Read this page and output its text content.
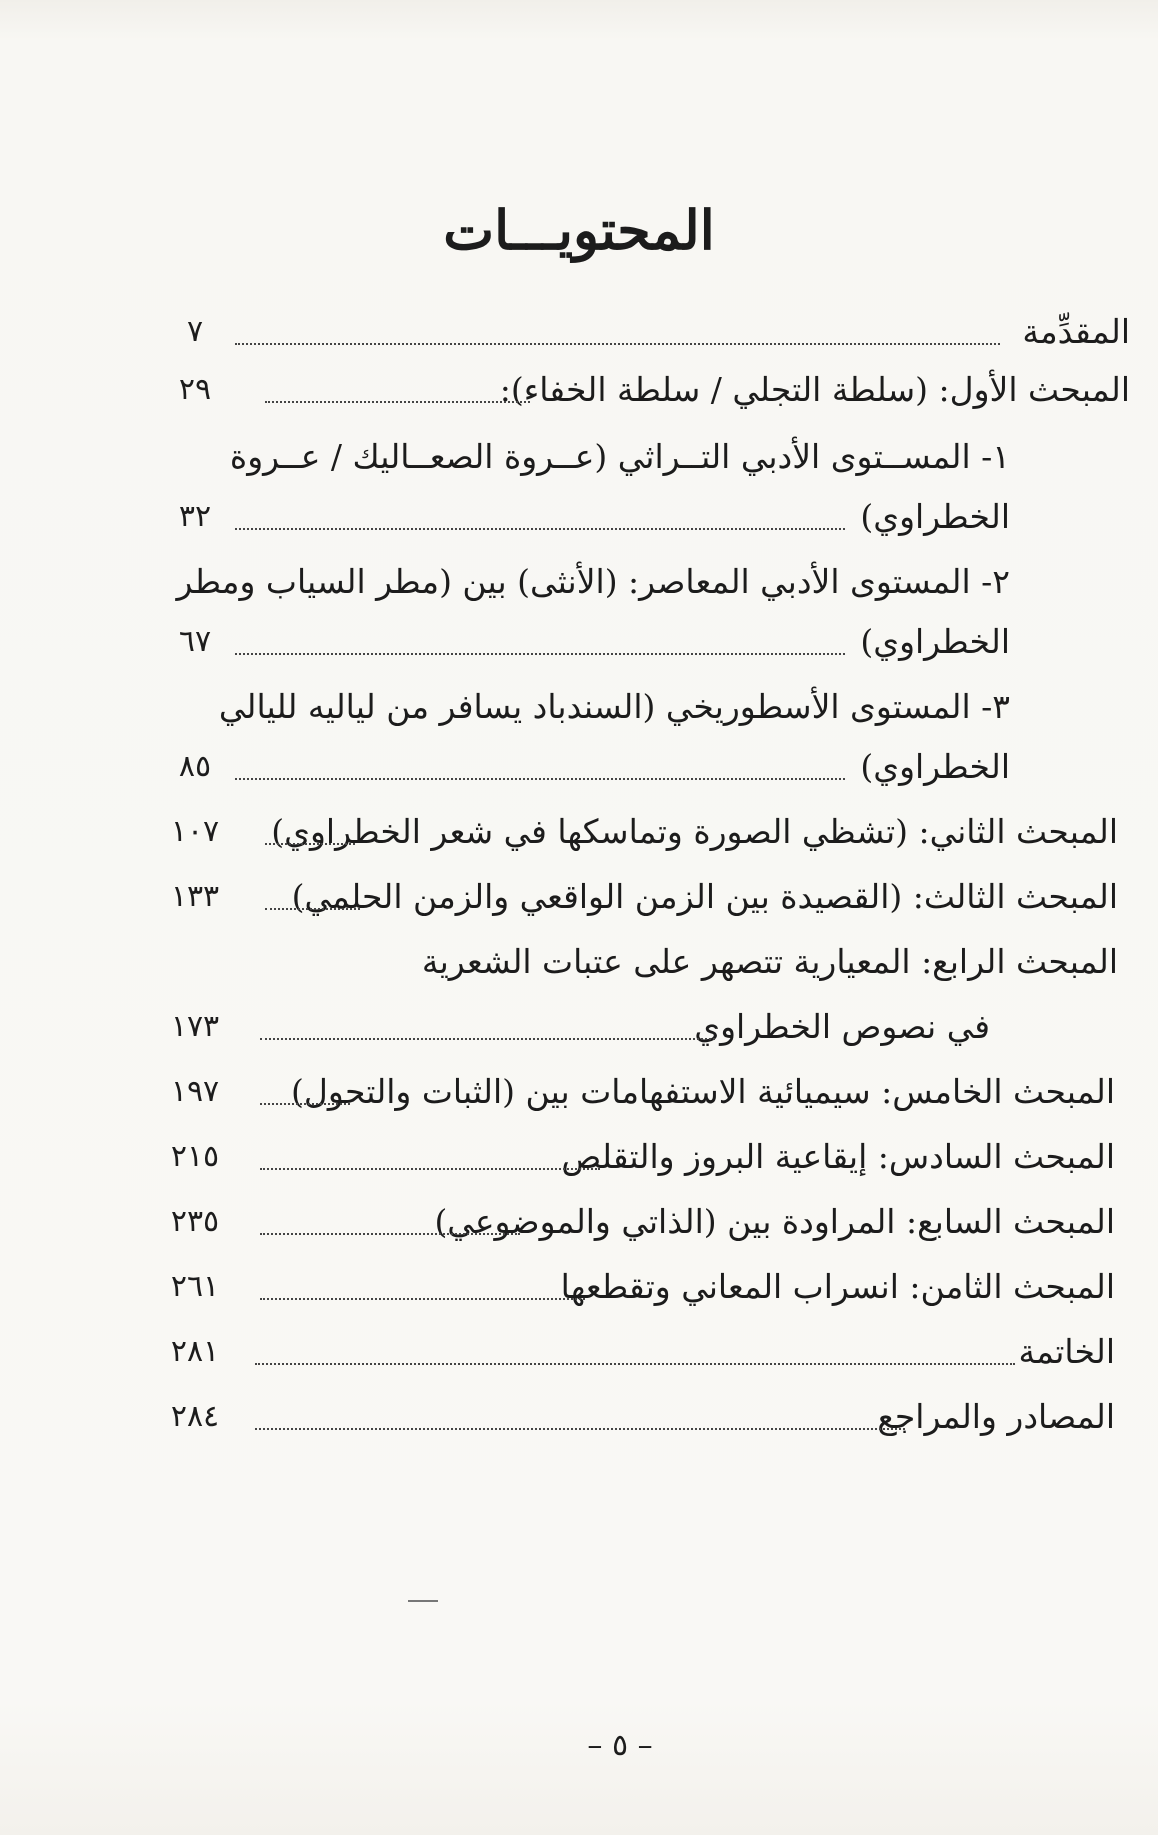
المحتويـــات
المقدِّمة
٧
المبحث الأول: (سلطة التجلي / سلطة الخفاء):
٢٩
١- المســتوى الأدبي التــراثي (عــروة الصعــاليك / عــروة
الخطراوي)
٣٢
٢- المستوى الأدبي المعاصر: (الأنثى) بين (مطر السياب ومطر
الخطراوي)
٦٧
٣- المستوى الأسطوريخي (السندباد يسافر من لياليه لليالي
الخطراوي)
٨٥
المبحث الثاني: (تشظي الصورة وتماسكها في شعر الخطراوي)
١٠٧
المبحث الثالث: (القصيدة بين الزمن الواقعي والزمن الحلمي)
١٣٣
المبحث الرابع: المعيارية تتصهر على عتبات الشعرية
في نصوص الخطراوي
١٧٣
المبحث الخامس: سيميائية الاستفهامات بين (الثبات والتحول)
١٩٧
المبحث السادس: إيقاعية البروز والتقلص
٢١٥
المبحث السابع: المراودة بين (الذاتي والموضوعي)
٢٣٥
المبحث الثامن: انسراب المعاني وتقطعها
٢٦١
الخاتمة
٢٨١
المصادر والمراجع
٢٨٤
– ٥ –
